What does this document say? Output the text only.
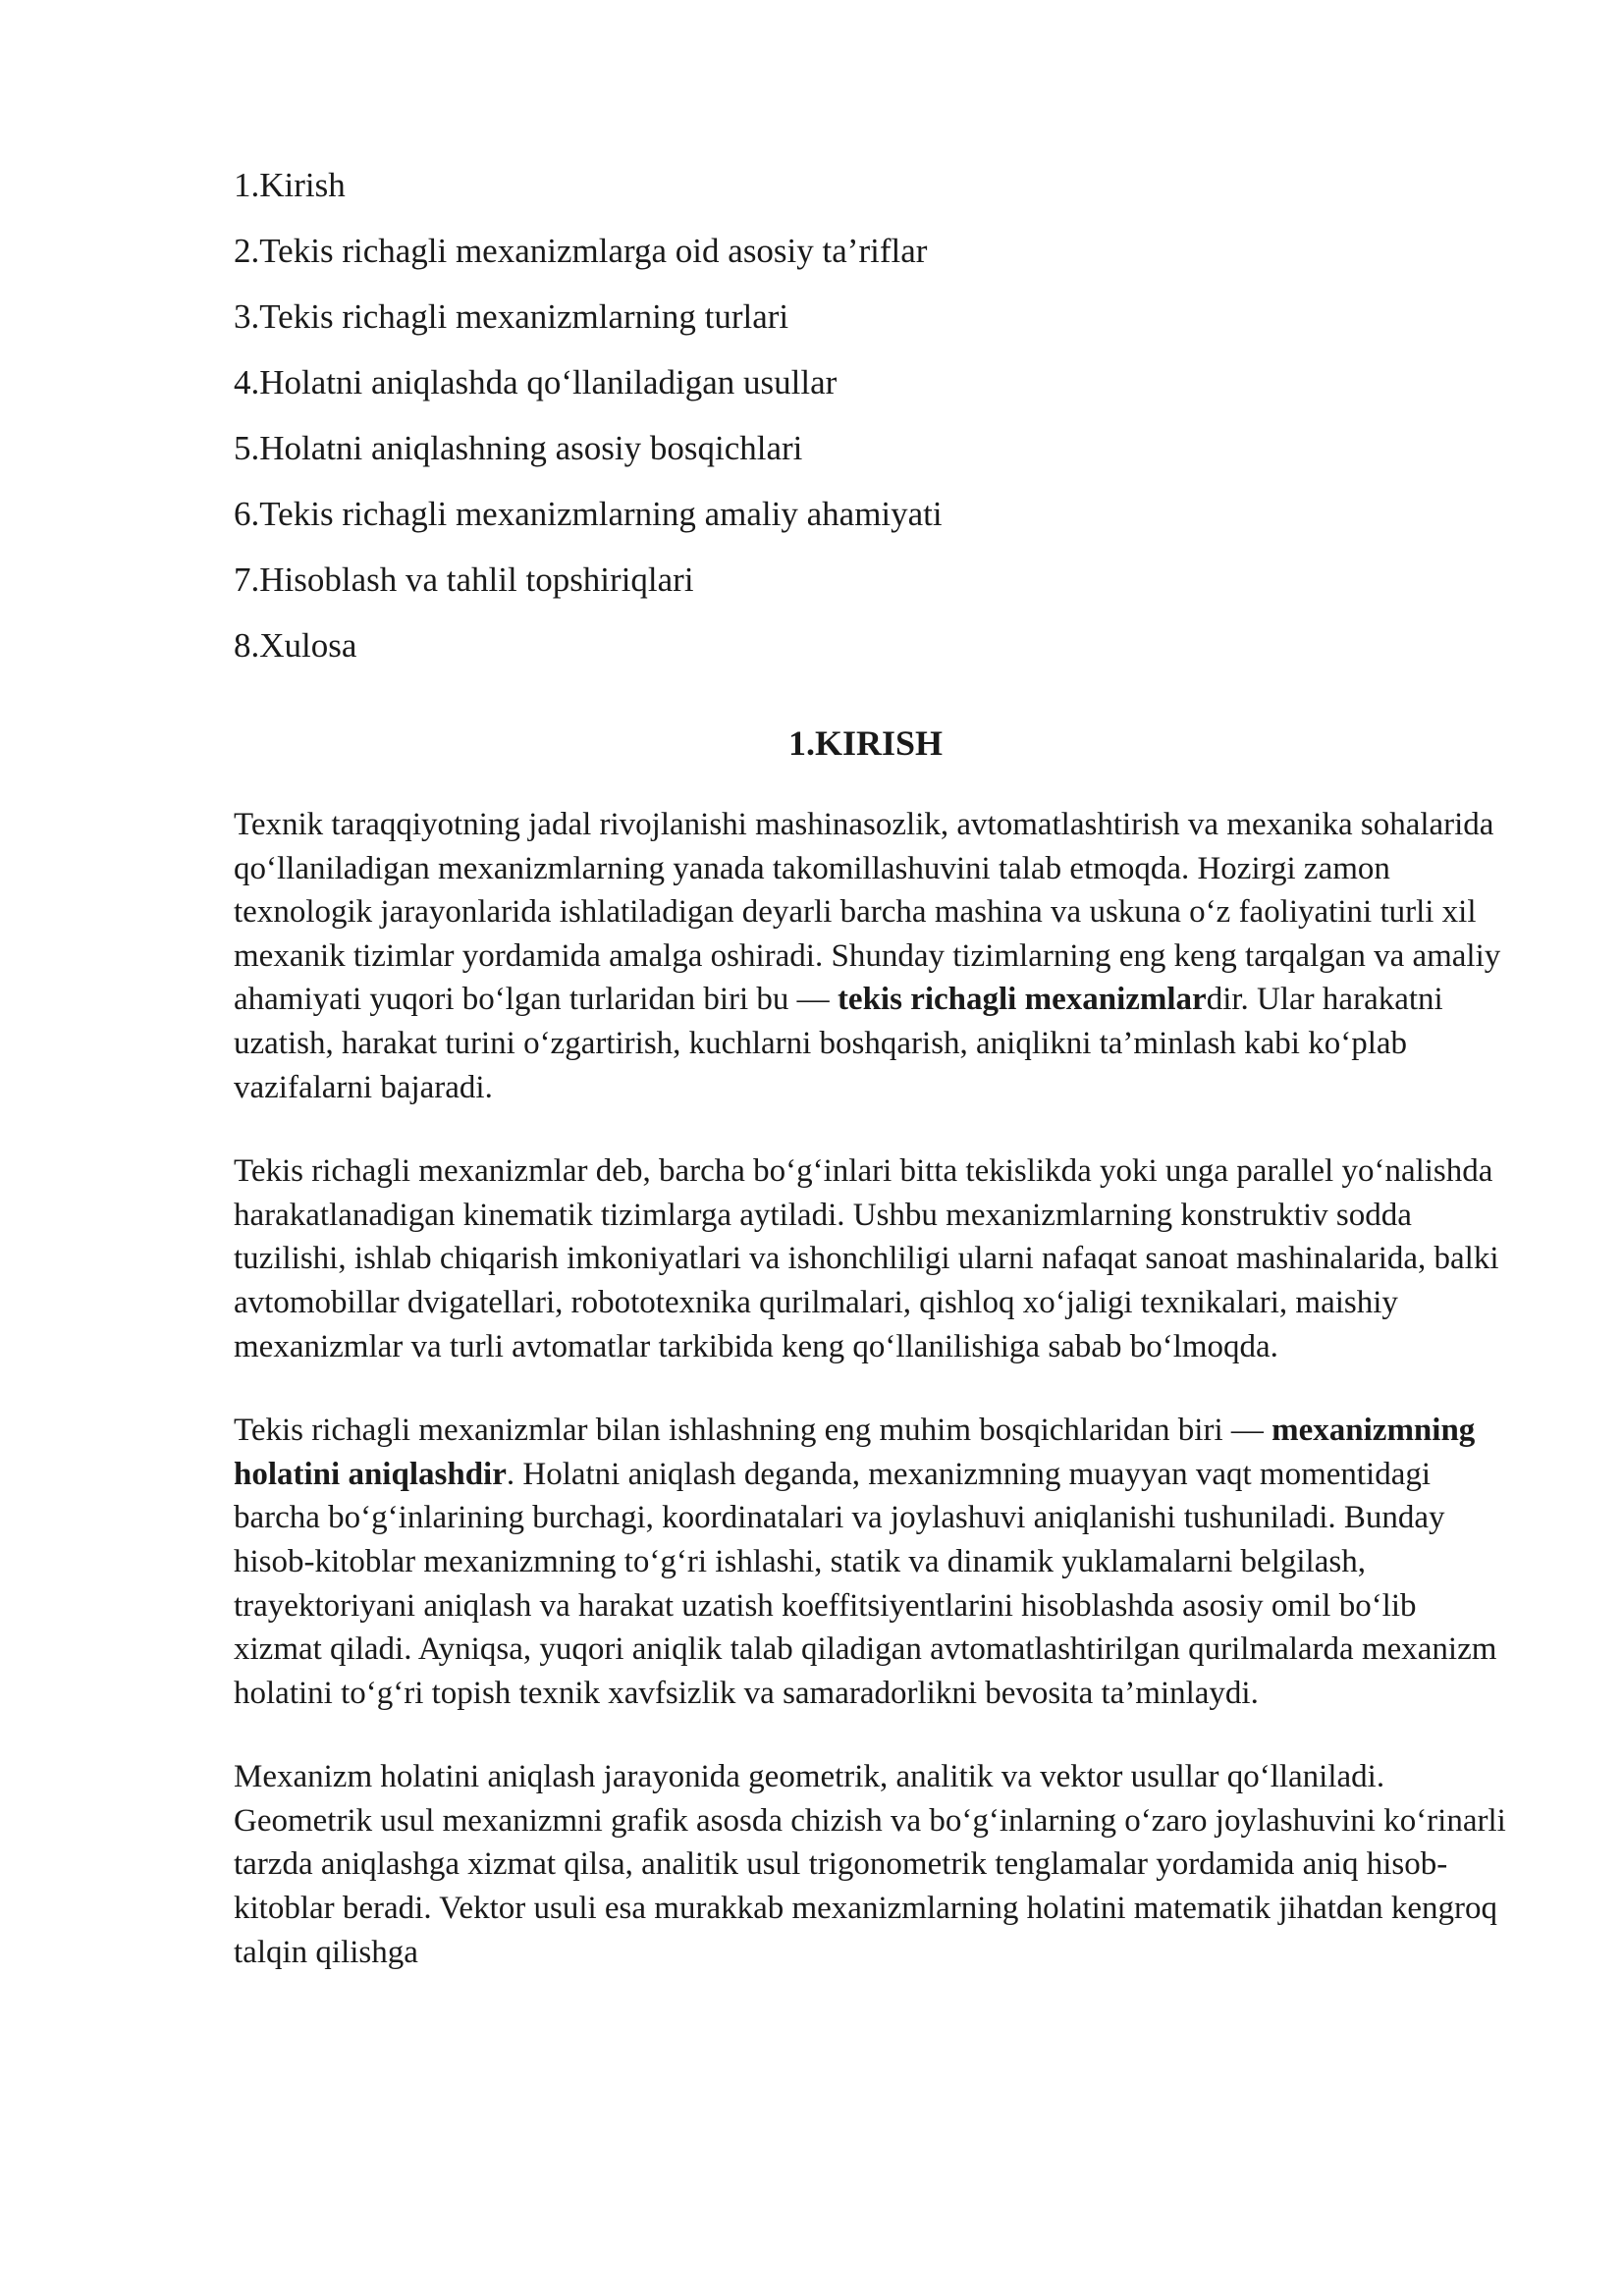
1.Kirish
2.Tekis richagli mexanizmlarga oid asosiy ta’riflar
3.Tekis richagli mexanizmlarning turlari
4.Holatni aniqlashda qo‘llaniladigan usullar
5.Holatni aniqlashning asosiy bosqichlari
6.Tekis richagli mexanizmlarning amaliy ahamiyati
7.Hisoblash va tahlil topshiriqlari
8.Xulosa
1.KIRISH

Texnik taraqqiyotning jadal rivojlanishi mashinasozlik, avtomatlashtirish va mexanika sohalarida qo‘llaniladigan mexanizmlarning yanada takomillashuvini talab etmoqda. Hozirgi zamon texnologik jarayonlarida ishlatiladigan deyarli barcha mashina va uskuna o‘z faoliyatini turli xil mexanik tizimlar yordamida amalga oshiradi. Shunday tizimlarning eng keng tarqalgan va amaliy ahamiyati yuqori bo‘lgan turlaridan biri bu — tekis richagli mexanizmlardir. Ular harakatni uzatish, harakat turini o‘zgartirish, kuchlarni boshqarish, aniqlikni ta’minlash kabi ko‘plab vazifalarni bajaradi.

Tekis richagli mexanizmlar deb, barcha bo‘g‘inlari bitta tekislikda yoki unga parallel yo‘nalishda harakatlanadigan kinematik tizimlarga aytiladi. Ushbu mexanizmlarning konstruktiv sodda tuzilishi, ishlab chiqarish imkoniyatlari va ishonchliligi ularni nafaqat sanoat mashinalarida, balki avtomobillar dvigatellari, robototexnika qurilmalari, qishloq xo‘jaligi texnikalari, maishiy mexanizmlar va turli avtomatlar tarkibida keng qo‘llanilishiga sabab bo‘lmoqda.

Tekis richagli mexanizmlar bilan ishlashning eng muhim bosqichlaridan biri — mexanizmning holatini aniqlashdir. Holatni aniqlash deganda, mexanizmning muayyan vaqt momentidagi barcha bo‘g‘inlarining burchagi, koordinatalari va joylashuvi aniqlanishi tushuniladi. Bunday hisob-kitoblar mexanizmning to‘g‘ri ishlashi, statik va dinamik yuklamalarni belgilash, trayektoriyani aniqlash va harakat uzatish koeffitsiyentlarini hisoblashda asosiy omil bo‘lib xizmat qiladi. Ayniqsa, yuqori aniqlik talab qiladigan avtomatlashtirilgan qurilmalarda mexanizm holatini to‘g‘ri topish texnik xavfsizlik va samaradorlikni bevosita ta’minlaydi.

Mexanizm holatini aniqlash jarayonida geometrik, analitik va vektor usullar qo‘llaniladi. Geometrik usul mexanizmni grafik asosda chizish va bo‘g‘inlarning o‘zaro joylashuvini ko‘rinarli tarzda aniqlashga xizmat qilsa, analitik usul trigonometrik tenglamalar yordamida aniq hisob-kitoblar beradi. Vektor usuli esa murakkab mexanizmlarning holatini matematik jihatdan kengroq talqin qilishga
